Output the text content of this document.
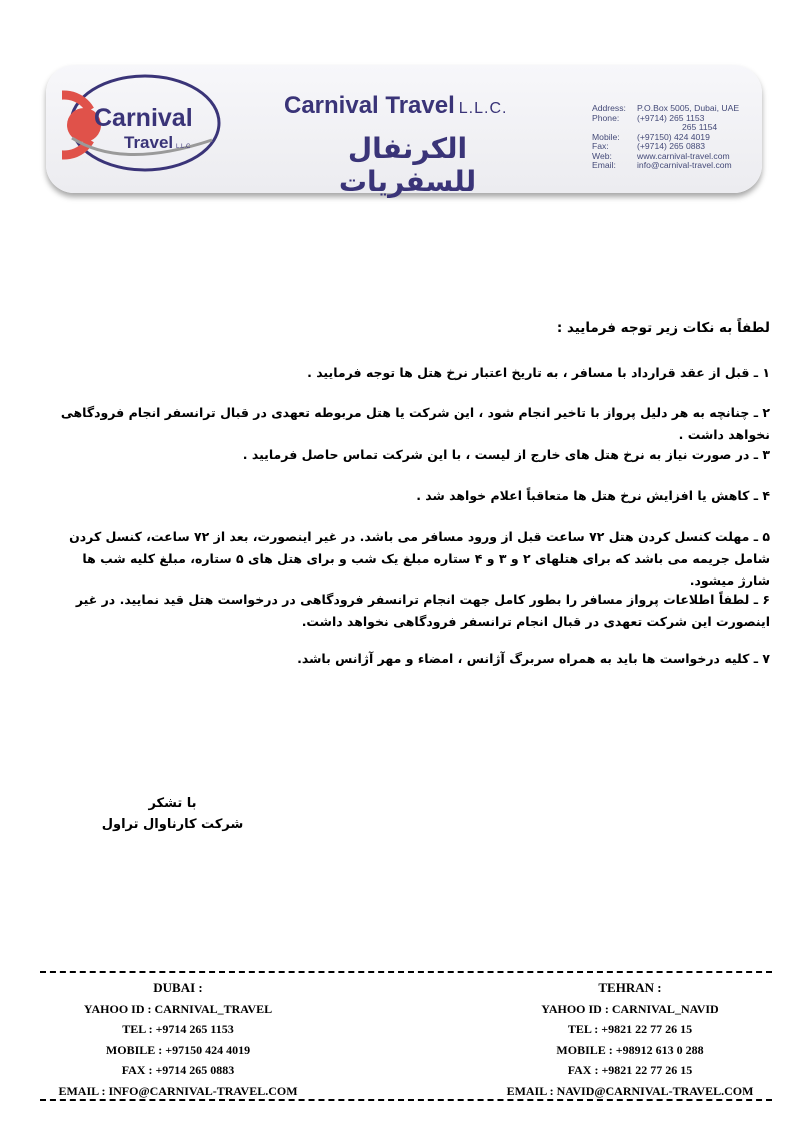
Carnival
Travel L.L.C
Carnival Travel L.L.C.
الكرنفال للسفريات
Address:	P.O.Box 5005, Dubai, UAE
Phone:	(+9714) 265 1153
265 1154
Mobile:	(+97150) 424 4019
Fax:	(+9714) 265 0883
Web:	www.carnival-travel.com
Email:	info@carnival-travel.com
لطفاً به نکات زیر توجه فرمایید :
۱ ـ قبل از عقد قرارداد با مسافر ، به تاریخ اعتبار نرخ هتل ها توجه فرمایید .
۲ ـ چنانچه به هر دلیل پرواز با تاخیر انجام شود ، این شرکت یا هتل مربوطه تعهدی در قبال ترانسفر انجام فرودگاهی نخواهد داشت .
۳ ـ در صورت نیاز به نرخ هتل های خارج از لیست ، با این شرکت تماس حاصل فرمایید .
۴ ـ کاهش یا افزایش نرخ هتل ها متعاقباً اعلام خواهد شد .
۵ ـ مهلت کنسل کردن هتل ۷۲ ساعت قبل از ورود مسافر می باشد. در غیر اینصورت، بعد از ۷۲ ساعت، کنسل کردن شامل جریمه می باشد که برای هتلهای ۲ و ۳ و ۴ ستاره مبلغ یک شب و برای هتل های ۵ ستاره، مبلغ کلیه شب ها شارژ میشود.
۶ ـ لطفاً اطلاعات پرواز مسافر را بطور کامل جهت انجام ترانسفر فرودگاهی در درخواست هتل قید نمایید. در غیر اینصورت این شرکت تعهدی در قبال انجام ترانسفر فرودگاهی نخواهد داشت.
۷ ـ کلیه درخواست ها باید به همراه سربرگ آژانس ، امضاء و مهر آژانس باشد.
با تشکر
شرکت کارناوال تراول
DUBAI :
YAHOO ID : CARNIVAL_TRAVEL
TEL : +9714 265 1153
MOBILE : +97150 424 4019
FAX : +9714 265 0883
EMAIL : INFO@CARNIVAL-TRAVEL.COM
TEHRAN :
YAHOO ID : CARNIVAL_NAVID
TEL : +9821 22 77 26 15
MOBILE : +98912 613 0 288
FAX : +9821 22 77 26 15
EMAIL : NAVID@CARNIVAL-TRAVEL.COM
